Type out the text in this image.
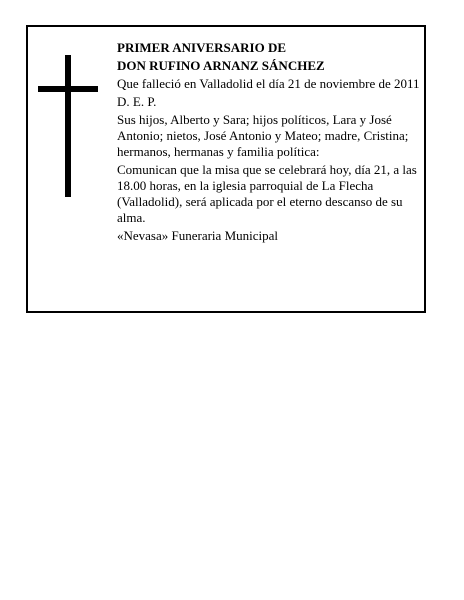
PRIMER ANIVERSARIO DE

DON RUFINO ARNANZ SÁNCHEZ

Que falleció en Valladolid el día 21 de noviembre de 2011

D. E. P.

Sus hijos, Alberto y Sara; hijos políticos, Lara y José Antonio; nietos, José Antonio y Mateo; madre, Cristina; hermanos, hermanas y familia política:

Comunican que la misa que se celebrará hoy, día 21, a las 18.00 horas, en la iglesia parroquial de La Flecha (Valladolid), será aplicada por el eterno descanso de su alma.

«Nevasa» Funeraria Municipal
